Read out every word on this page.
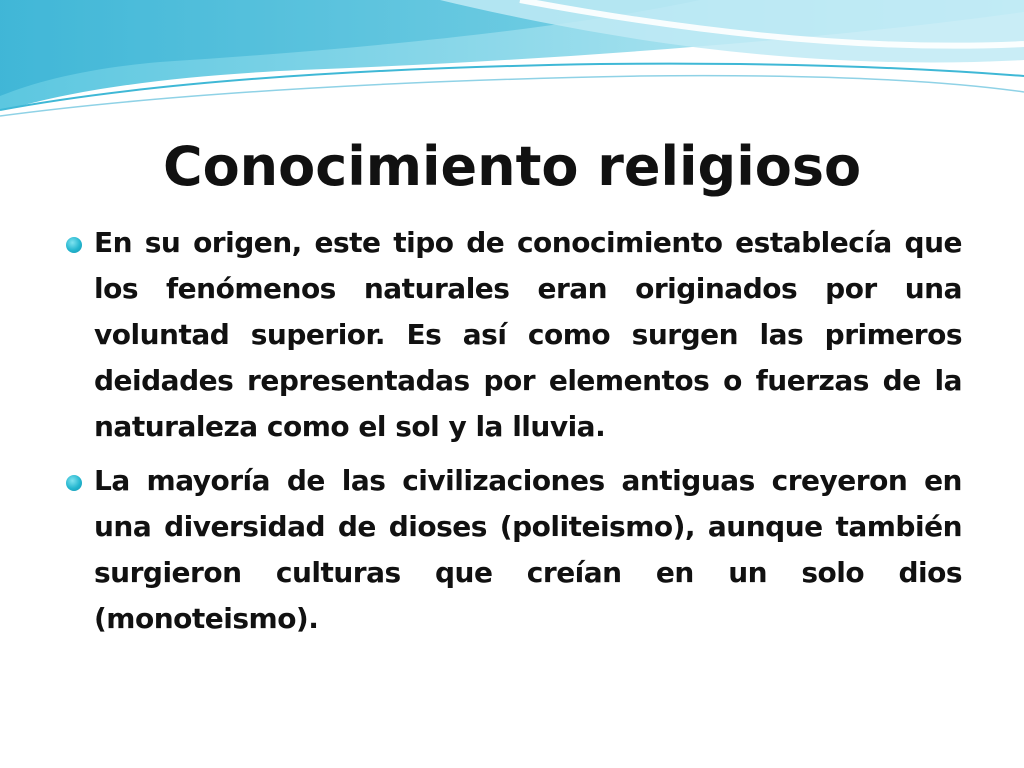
Conocimiento religioso
En su origen, este tipo de conocimiento establecía que los fenómenos naturales eran originados por una voluntad superior. Es así como surgen las primeros deidades representadas por elementos o fuerzas de la naturaleza como el sol y la lluvia.
La mayoría de las civilizaciones antiguas creyeron en una diversidad de dioses (politeismo), aunque también surgieron culturas que creían en un solo dios (monoteismo).
